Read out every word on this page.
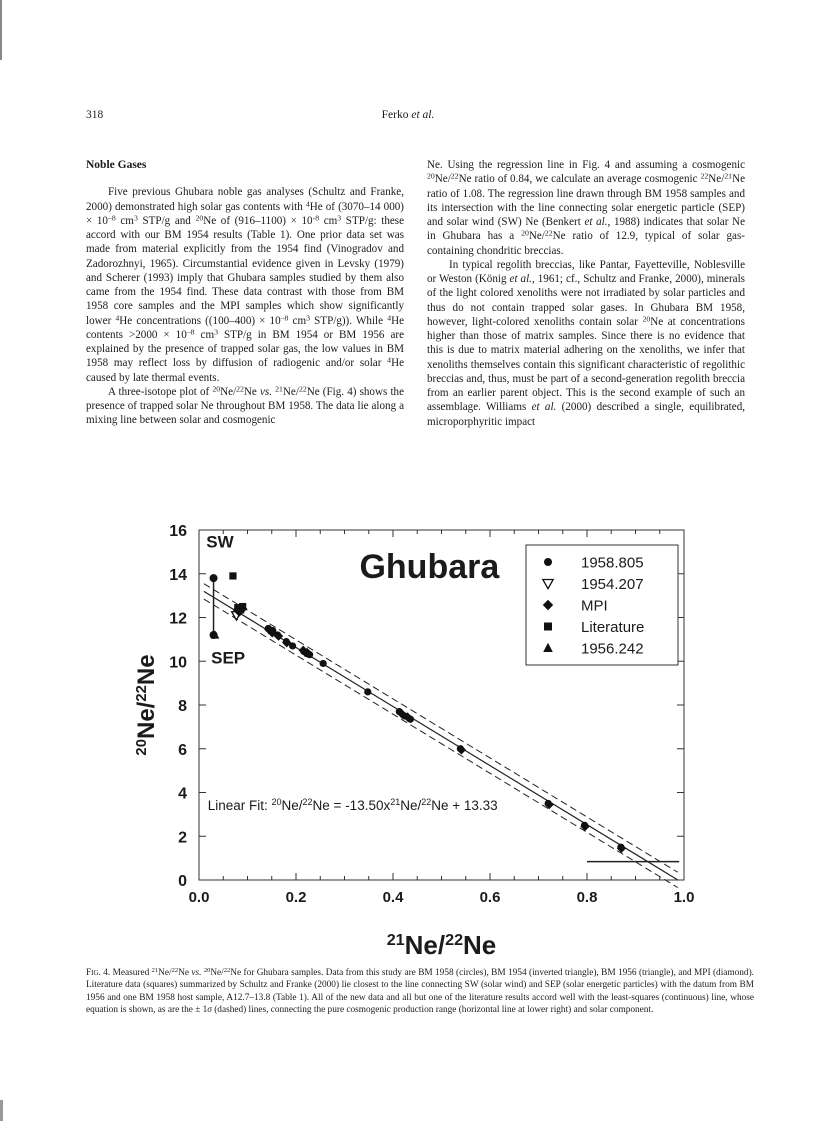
318	Ferko et al.
Noble Gases

Five previous Ghubara noble gas analyses (Schultz and Franke, 2000) demonstrated high solar gas contents with $^4$He of (3070–14 $000) \times 10^{-8}$ $cm^3$ STP/g and $^{20}$Ne of $(916-1100) \times 10^{-8}$ $cm^3$ STP/g: these accord with our BM 1954 results (Table 1). One prior data set was made from material explicitly from the 1954 find (Vinogradov and Zadorozhnyi, 1965). Circumstantial evidence given in Levsky (1979) and Scherer (1993) imply that Ghubara samples studied by them also came from the 1954 find. These data contrast with those from BM 1958 core samples and the MPI samples which show significantly lower $^4$He concentrations ($(100-400) \times 10^{-8}$ $cm^3$ STP/g)). While $^4$He contents $>2000 \times 10^{-8}$ $cm^3$ STP/g in BM 1954 or BM 1956 are explained by the presence of trapped solar gas, the low values in BM 1958 may reflect loss by diffusion of radiogenic and/or solar $^4$He caused by late thermal events.

A three-isotope plot of $^{20}$Ne/$^{22}$Ne vs. $^{21}$Ne/$^{22}$Ne (Fig. 4) shows the presence of trapped solar Ne throughout BM 1958. The data lie along a mixing line between solar and cosmogenic

Ne. Using the regression line in Fig. 4 and assuming a cosmogenic $^{20}$Ne/$^{22}$Ne ratio of 0.84, we calculate an average cosmogenic $^{22}$Ne/$^{21}$Ne ratio of 1.08. The regression line drawn through BM 1958 samples and its intersection with the line connecting solar energetic particle (SEP) and solar wind (SW) Ne (Benkert et al., 1988) indicates that solar Ne in Ghubara has a $^{20}$Ne/$^{22}$Ne ratio of 12.9, typical of solar gas-containing chondritic breccias.

In typical regolith breccias, like Pantar, Fayetteville, Noblesville or Weston (König et al., 1961; cf., Schultz and Franke, 2000), minerals of the light colored xenoliths were not irradiated by solar particles and thus do not contain trapped solar gases. In Ghubara BM 1958, however, light-colored xenoliths contain solar $^{20}$Ne at concentrations higher than those of matrix samples. Since there is no evidence that this is due to matrix material adhering on the xenoliths, we infer that xenoliths themselves contain this significant characteristic of regolithic breccias and, thus, must be part of a second-generation regolith breccia from an earlier parent object. This is the second example of such an assemblage. Williams et al. (2000) described a single, equilibrated, microporphyritic impact

0.0	0.2	0.4	0.6	0.8	1.0
0
2
4
6
8
10
12
14
16
$^{21}$Ne/$^{22}$Ne
$^{20}$Ne/$^{22}$Ne
SW
SEP
Ghubara
Linear Fit: $^{20}Ne/^{22}Ne = -13.50x^{21}Ne/^{22}Ne + 13.33$
1958.805
1954.207
MPI
Literature
1956.242
Fig. 4. Measured $^{21}$Ne/$^{22}$Ne vs. $^{20}$Ne/$^{22}$Ne for Ghubara samples. Data from this study are BM 1958 (circles), BM 1954 (inverted triangle), BM 1956 (triangle), and MPI (diamond). Literature data (squares) summarized by Schultz and Franke (2000) lie closest to the line connecting SW (solar wind) and SEP (solar energetic particles) with the datum from BM 1956 and one BM 1958 host sample, A12.7–13.8 (Table 1). All of the new data and all but one of the literature results accord well with the least-squares (continuous) line, whose equation is shown, as are the ± 1σ (dashed) lines, connecting the pure cosmogenic production range (horizontal line at lower right) and solar component.
